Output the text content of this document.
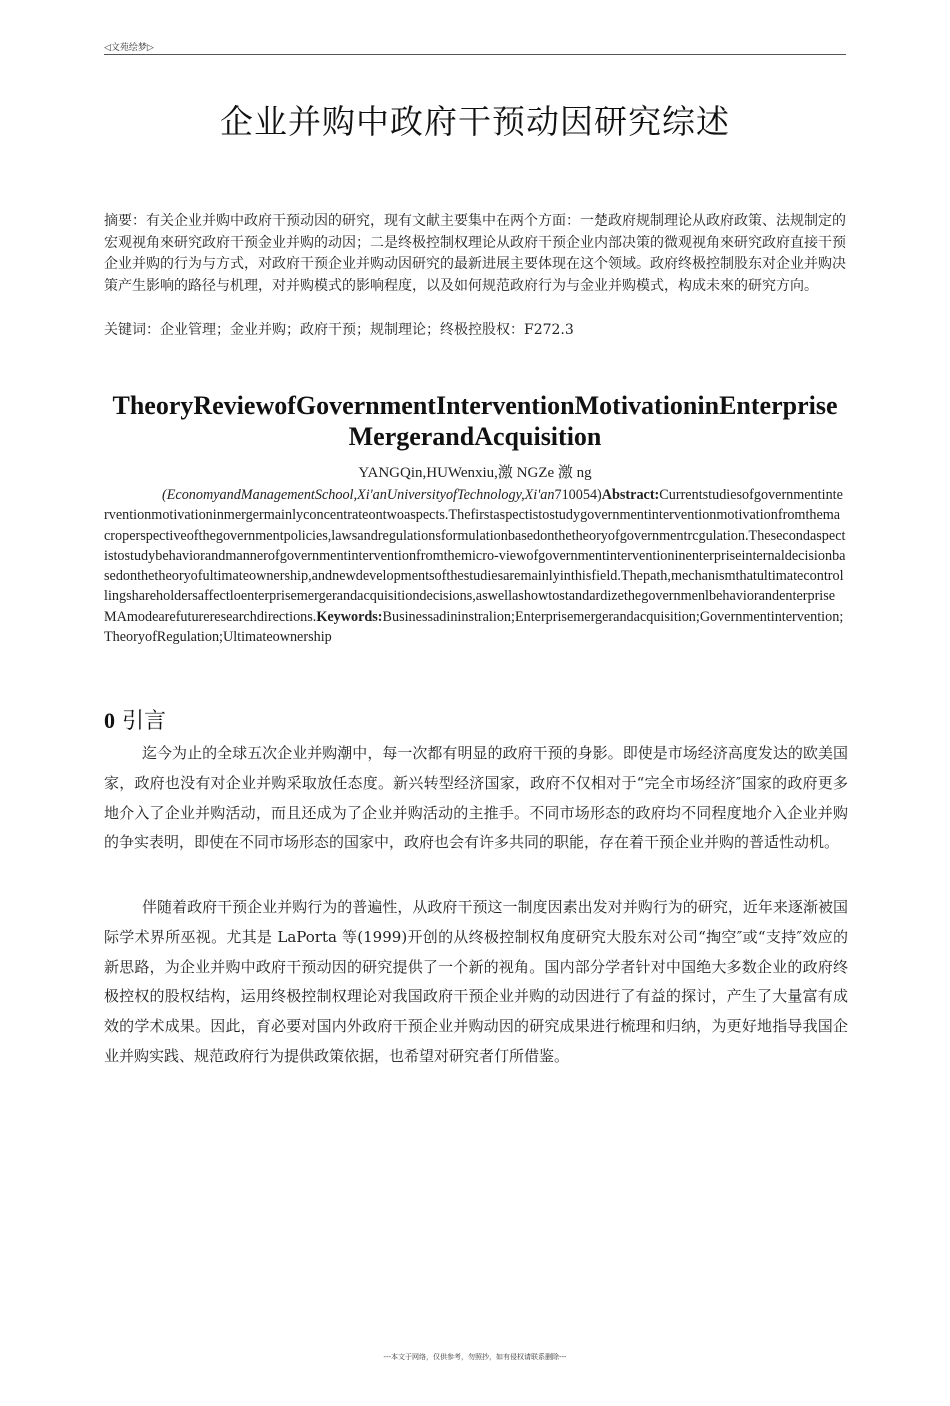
◁文苑绘梦▷
企业并购中政府干预动因研究综述
摘要：有关企业并购中政府干预动因的研究，现有文献主要集中在两个方面：一楚政府规制理论从政府政策、法规制定的宏观视角來研究政府干预金业并购的动因；二是终极控制权理论从政府干预企业内部决策的微观视角來研究政府直接干预企业并购的行为与方式，对政府干预企业并购动因研究的最新进展主要体现在这个领域。政府终极控制股东对企业并购决策产生影响的路径与机理，对并购模式的影响程度，以及如何规范政府行为与金业并购模式，构成未來的研究方向。
关键词：企业管理；金业并购；政府干预；规制理论；终极控股权：F272.3
TheoryReviewofGovernmentInterventionMotivationinEnterpriseMergerandAcquisition
YANGQin,HUWenxiu,激 NGZe 激 ng
(EconomyandManagementSchool,Xi'anUniversityofTechnology,Xi'an710054)Abstract:Currentstudiesofgovernmentinterventionmotivationinmergermainlyconcentrateontwoaspects.Thefirstaspectistostudygovernmentinterventionmotivationfromthemacroperspectiveofthegovernmentpolicies,lawsandregulationsformulationbasedonthetheoryofgovernmentrcgulation.Thesecondaspectistostudybehaviorandmannerofgovernmentinterventionfromthemicro-viewofgovernmentinterventioninenterpriseinternaldecisionbasedonthetheoryofultimateownership,andnewdevelopmentsofthestudiesaremainlyinthisfield.Thepath,mechanismthatultimatecontrollingshareholdersaffectloenterprisemergerandacquisitiondecisions,aswellashowtostandardizethegovernmenlbehaviorandenterpriseMAmodearefutureresearchdirections.Keywords:Businessadininstralion;Enterprisemergerandacquisition;Governmentintervention;TheoryofRegulation;Ultimateownership
0 引言
迄今为止的全球五次企业并购潮中，每一次都有明显的政府干预的身影。即使是市场经济高度发达的欧美国家，政府也没有对企业并购采取放任态度。新兴转型经济国家，政府不仅相对于“完全市场经济″国家的政府更多地介入了企业并购活动，而且还成为了企业并购活动的主推手。不同市场形态的政府均不同程度地介入企业并购的争实表明，即使在不同市场形态的国家中，政府也会有许多共同的职能，存在着干预企业并购的普适性动机。
伴随着政府干预企业并购行为的普遍性，从政府干预这一制度因素出发对并购行为的研究，近年来逐渐被国际学术界所巫视。尤其是 LaPorta 等(1999)开创的从终极控制权角度研究大股东对公司“掏空″或“支持″效应的新思路，为企业并购中政府干预动因的研究提供了一个新的视角。国内部分学者针对中国绝大多数企业的政府终极控权的股权结构，运用终极控制权理论对我国政府干预企业并购的动因进行了有益的探讨，产生了大量富有成效的学术成果。因此，育必要对国内外政府干预企业并购动因的研究成果进行梳理和归纳，为更好地指导我国企业并购实践、规范政府行为提供政策依据，也希望对研究者仃所借鉴。
---本文于网络，仅供参考，勿照抄，如有侵权请联系删除---
